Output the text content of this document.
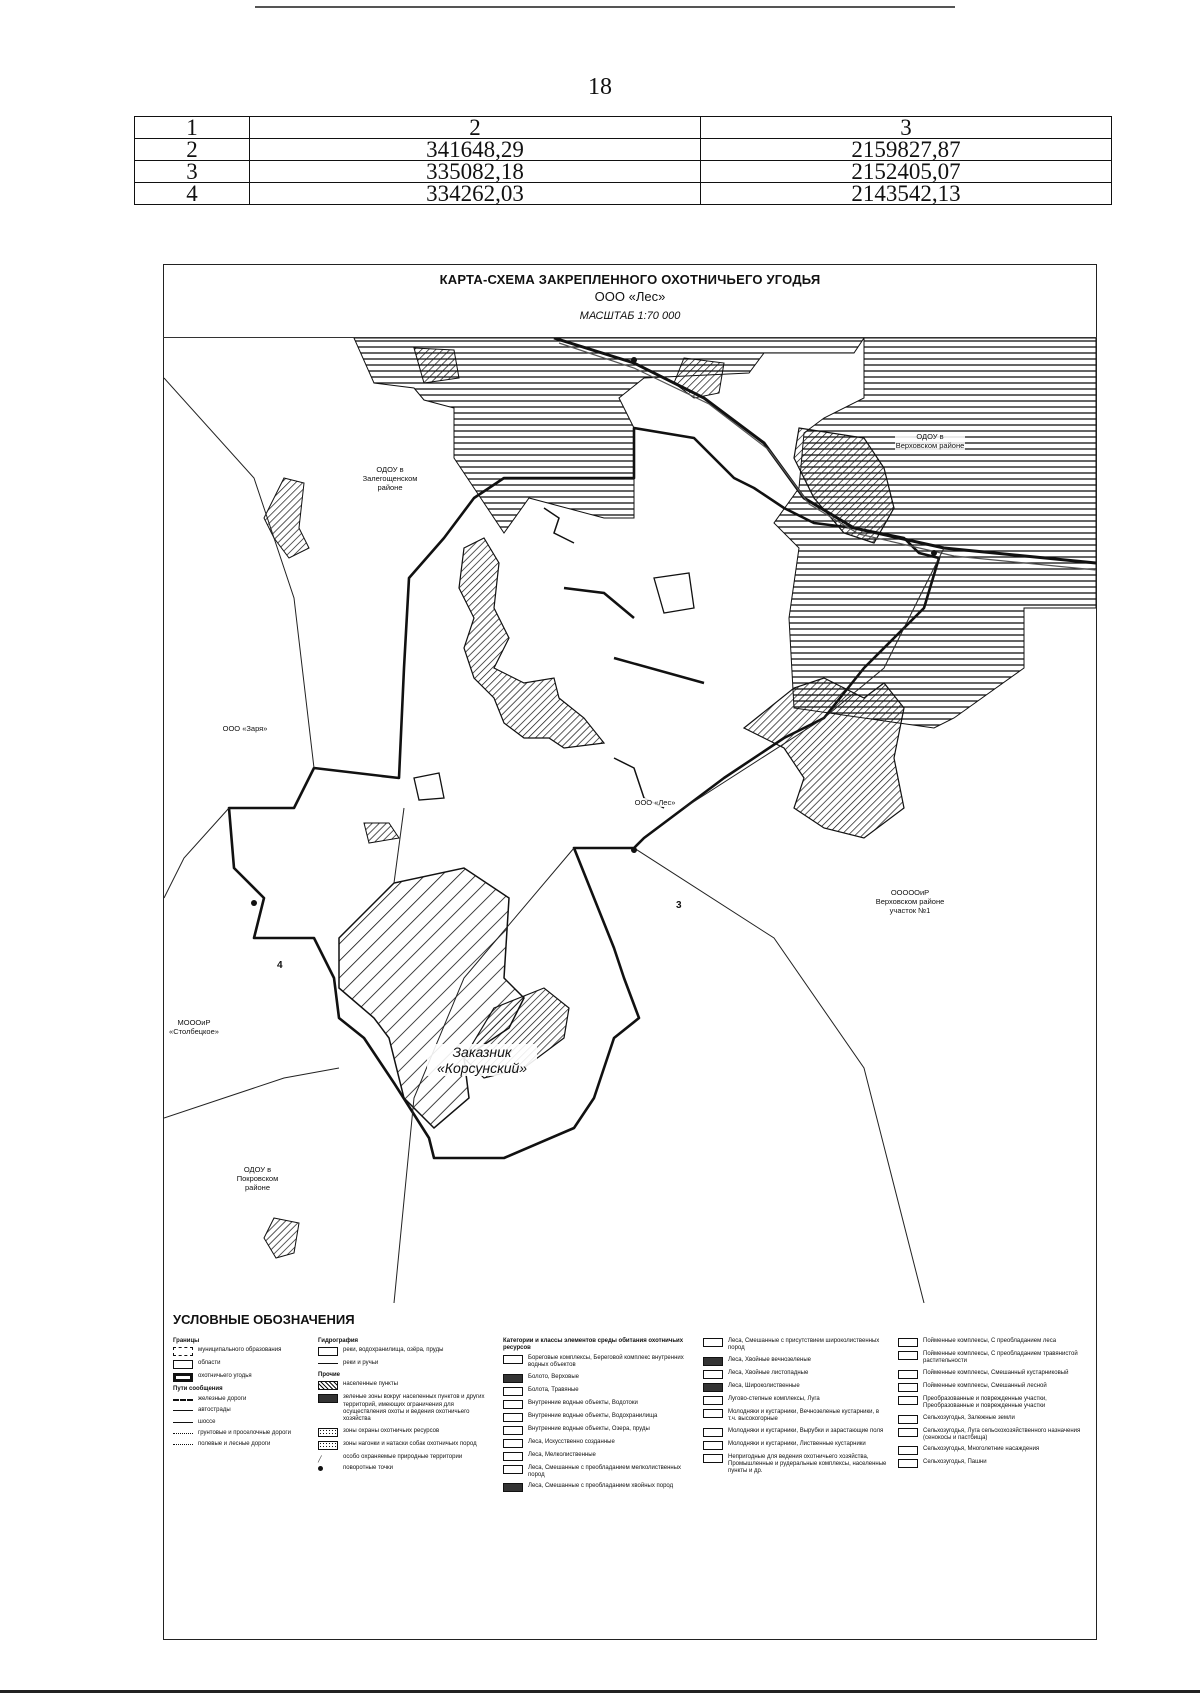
18
1	2	3
2	341648,29	2159827,87
3	335082,18	2152405,07
4	334262,03	2143542,13
КАРТА-СХЕМА ЗАКРЕПЛЕННОГО ОХОТНИЧЬЕГО УГОДЬЯ
ООО «Лес»
МАСШТАБ 1:70 000
ОДОУ в Залегощенском районе
ОДОУ в Верховском районе
ООО «Заря»
ООО «Лес»
МОООиР «Столбецкое»
ОДОУ в Покровском районе
ОООООиР Верховском районе участок №1
Заказник «Корсунский»
3
4
УСЛОВНЫЕ ОБОЗНАЧЕНИЯ
Границы
муниципального образования
области
охотничьего угодья
Пути сообщения
железные дороги
автострады
шоссе
грунтовые и проселочные дороги
полевые и лесные дороги
Гидрография
реки, водохранилища, озёра, пруды
реки и ручьи
Прочие
населенные пункты
зеленые зоны вокруг населенных пунктов и других территорий, имеющих ограничения для осуществления охоты и ведения охотничьего хозяйства
зоны охраны охотничьих ресурсов
зоны нагонки и натаски собак охотничьих пород
╱	особо охраняемые природные территории
поворотные точки
Категории и классы элементов среды обитания охотничьих ресурсов
Бореговые комплексы, Береговой комплекс внутренних водных объектов
Болото, Верховые
Болота, Травяные
Внутренние водные объекты, Водотоки
Внутренние водные объекты, Водохранилища
Внутренние водные объекты, Озера, пруды
Леса, Искусственно созданные
Леса, Мелколиственные
Леса, Смешанные с преобладанием мелколиственных пород
Леса, Смешанные с преобладанием хвойных пород
Леса, Смешанные с присутствием широколиственных пород
Леса, Хвойные вечнозеленые
Леса, Хвойные листопадные
Леса, Широколиственные
Лугово-степные комплексы, Луга
Молодняки и кустарники, Вечнозеленые кустарники, в т.ч. высокогорные
Молодняки и кустарники, Вырубки и зарастающие поля
Молодняки и кустарники, Лиственные кустарники
Непригодные для ведения охотничьего хозяйства, Промышленные и рудеральные комплексы, населенные пункты и др.
Пойменные комплексы, С преобладанием леса
Пойменные комплексы, С преобладанием травянистой растительности
Пойменные комплексы, Смешанный кустарниковый
Пойменные комплексы, Смешанный лесной
Преобразованные и поврежденные участки, Преобразованные и поврежденные участки
Сельхозугодья, Залежные земли
Сельхозугодья, Луга сельскохозяйственного назначения (сенокосы и пастбища)
Сельхозугодья, Многолетние насаждения
Сельхозугодья, Пашни
